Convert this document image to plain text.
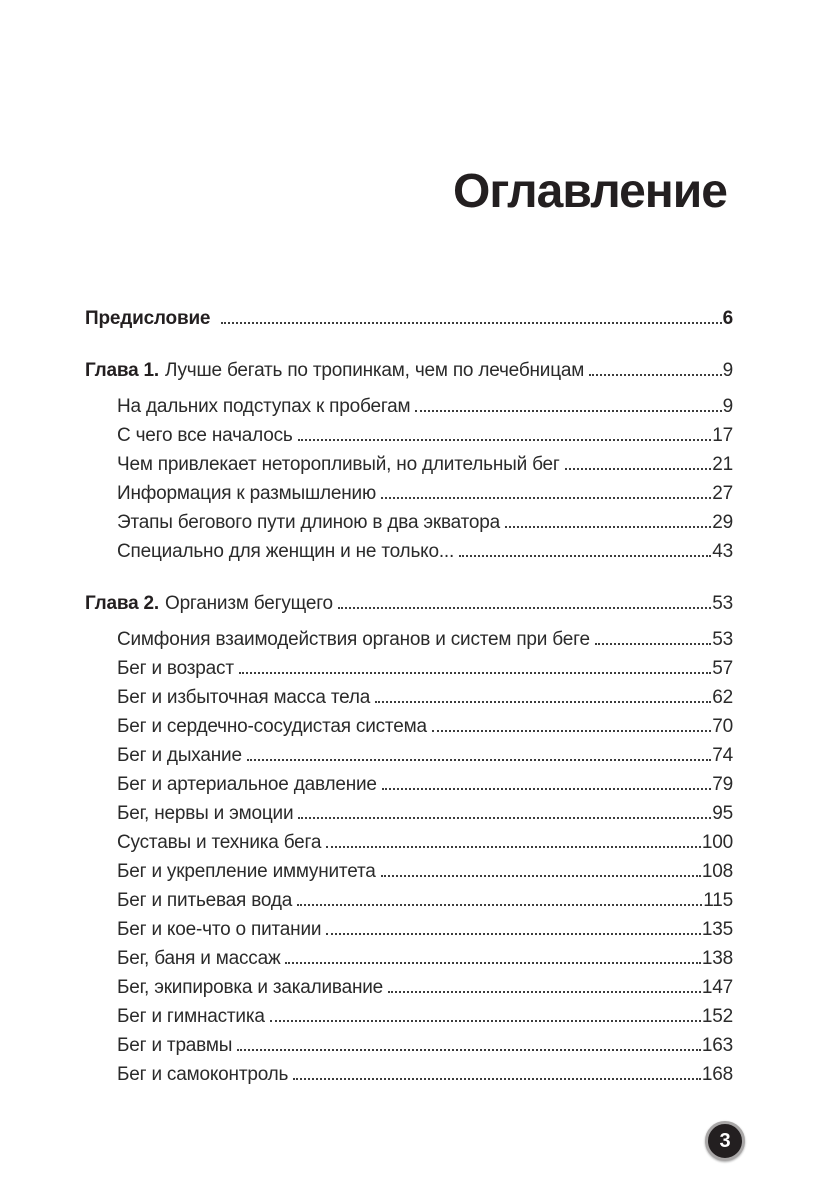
Оглавление
Предисловие	6
Глава 1. Лучше бегать по тропинкам, чем по лечебницам	9
На дальних подступах к пробегам	9
С чего все началось	17
Чем привлекает неторопливый, но длительный бег	21
Информация к размышлению	27
Этапы бегового пути длиною в два экватора	29
Специально для женщин и не только...	43
Глава 2. Организм бегущего	53
Симфония взаимодействия органов и систем при беге	53
Бег и возраст	57
Бег и избыточная масса тела	62
Бег и сердечно-сосудистая система	70
Бег и дыхание	74
Бег и артериальное давление	79
Бег, нервы и эмоции	95
Суставы и техника бега	100
Бег и укрепление иммунитета	108
Бег и питьевая вода	115
Бег и кое-что о питании	135
Бег, баня и массаж	138
Бег, экипировка и закаливание	147
Бег и гимнастика	152
Бег и травмы	163
Бег и самоконтроль	168
3
